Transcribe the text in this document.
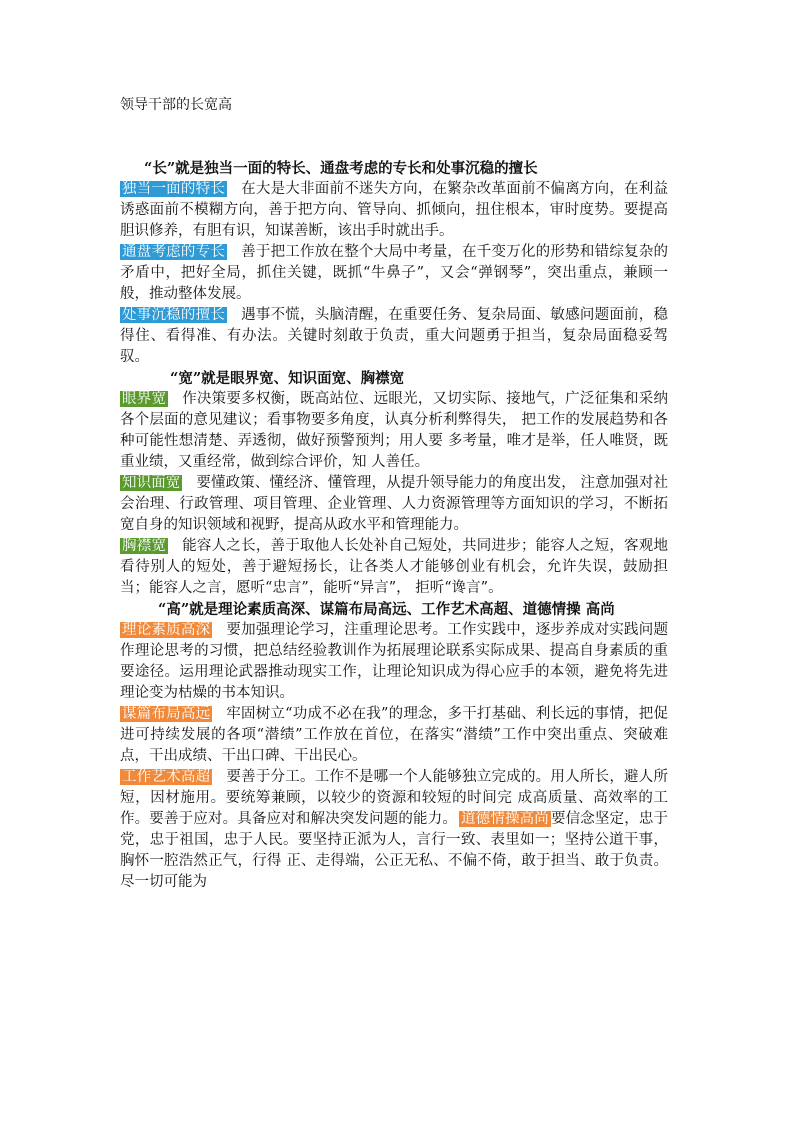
领导干部的长宽高

“长”就是独当一面的特长、通盘考虑的专长和处事沉稳的擅长

独当一面的特长 在大是大非面前不迷失方向，在繁杂改革面前不偏离方向，在利益诱惑面前不模糊方向，善于把方向、管导向、抓倾向，扭住根本，审时度势。要提高胆识修养，有胆有识，知谋善断，该出手时就出手。

通盘考虑的专长 善于把工作放在整个大局中考量，在千变万化的形势和错综复杂的矛盾中，把好全局，抓住关键，既抓“牛鼻子”，又会“弹钢琴”，突出重点，兼顾一般，推动整体发展。

处事沉稳的擅长 遇事不慌，头脑清醒，在重要任务、复杂局面、敏感问题面前，稳得住、看得准、有办法。关键时刻敢于负责，重大问题勇于担当，复杂局面稳妥驾驭。

“宽”就是眼界宽、知识面宽、胸襟宽

眼界宽 作决策要多权衡，既高站位、远眼光，又切实际、接地气，广泛征集和采纳各个层面的意见建议；看事物要多角度，认真分析利弊得失， 把工作的发展趋势和各种可能性想清楚、弄透彻，做好预警预判；用人要 多考量，唯才是举，任人唯贤，既重业绩，又重经常，做到综合评价，知 人善任。

知识面宽 要懂政策、懂经济、懂管理，从提升领导能力的角度出发， 注意加强对社会治理、行政管理、项目管理、企业管理、人力资源管理等方面知识的学习，不断拓宽自身的知识领域和视野，提高从政水平和管理能力。

胸襟宽 能容人之长，善于取他人长处补自己短处，共同进步；能容人之短，客观地看待别人的短处，善于避短扬长，让各类人才能够创业有机会，允许失误，鼓励担当；能容人之言，愿听“忠言”，能听“异言”， 拒听“谗言”。

“高”就是理论素质高深、谋篇布局高远、工作艺术高超、道德情操 高尚

理论素质高深 要加强理论学习，注重理论思考。工作实践中，逐步养成对实践问题作理论思考的习惯，把总结经验教训作为拓展理论联系实际成果、提高自身素质的重要途径。运用理论武器推动现实工作，让理论知识成为得心应手的本领，避免将先进理论变为枯燥的书本知识。

谋篇布局高远 牢固树立“功成不必在我”的理念，多干打基础、利长远的事情，把促进可持续发展的各项“潜绩”工作放在首位，在落实“潜绩”工作中突出重点、突破难点，干出成绩、干出口碑、干出民心。

工作艺术高超 要善于分工。工作不是哪一个人能够独立完成的。用人所长，避人所短，因材施用。要统筹兼顾，以较少的资源和较短的时间完 成高质量、高效率的工作。要善于应对。具备应对和解决突发问题的能力。 道德情操高尚 要信念坚定，忠于党，忠于祖国，忠于人民。要坚持正派为人，言行一致、表里如一；坚持公道干事，胸怀一腔浩然正气，行得 正、走得端，公正无私、不偏不倚，敢于担当、敢于负责。尽一切可能为
